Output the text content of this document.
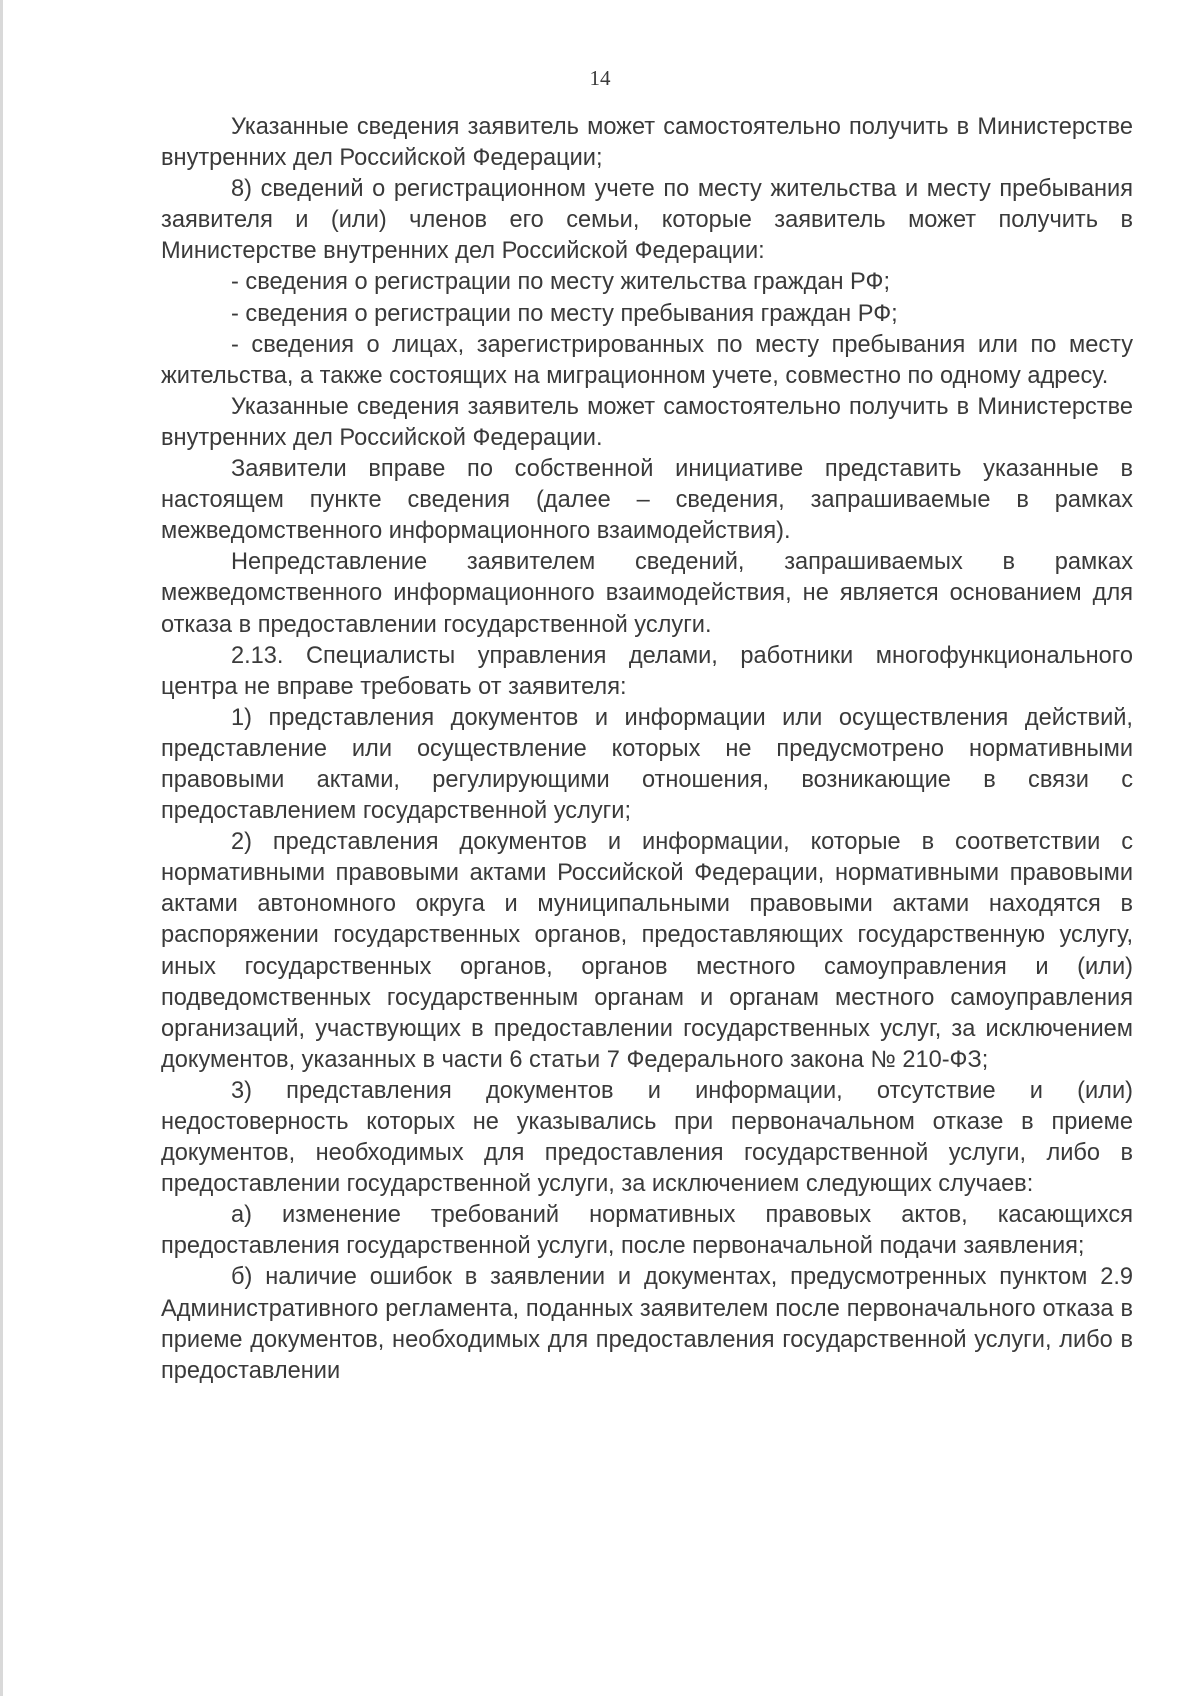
14

Указанные сведения заявитель может самостоятельно получить в Министерстве внутренних дел Российской Федерации;

8) сведений о регистрационном учете по месту жительства и месту пребывания заявителя и (или) членов его семьи, которые заявитель может получить в Министерстве внутренних дел Российской Федерации:

- сведения о регистрации по месту жительства граждан РФ;

- сведения о регистрации по месту пребывания граждан РФ;

- сведения о лицах, зарегистрированных по месту пребывания или по месту жительства, а также состоящих на миграционном учете, совместно по одному адресу.

Указанные сведения заявитель может самостоятельно получить в Министерстве внутренних дел Российской Федерации.

Заявители вправе по собственной инициативе представить указанные в настоящем пункте сведения (далее – сведения, запрашиваемые в рамках межведомственного информационного взаимодействия).

Непредставление заявителем сведений, запрашиваемых в рамках межведомственного информационного взаимодействия, не является основанием для отказа в предоставлении государственной услуги.

2.13. Специалисты управления делами, работники многофункционального центра не вправе требовать от заявителя:

1) представления документов и информации или осуществления действий, представление или осуществление которых не предусмотрено нормативными правовыми актами, регулирующими отношения, возникающие в связи с предоставлением государственной услуги;

2) представления документов и информации, которые в соответствии с нормативными правовыми актами Российской Федерации, нормативными правовыми актами автономного округа и муниципальными правовыми актами находятся в распоряжении государственных органов, предоставляющих государственную услугу, иных государственных органов, органов местного самоуправления и (или) подведомственных государственным органам и органам местного самоуправления организаций, участвующих в предоставлении государственных услуг, за исключением документов, указанных в части 6 статьи 7 Федерального закона № 210-ФЗ;

3) представления документов и информации, отсутствие и (или) недостоверность которых не указывались при первоначальном отказе в приеме документов, необходимых для предоставления государственной услуги, либо в предоставлении государственной услуги, за исключением следующих случаев:

а) изменение требований нормативных правовых актов, касающихся предоставления государственной услуги, после первоначальной подачи заявления;

б) наличие ошибок в заявлении и документах, предусмотренных пунктом 2.9 Административного регламента, поданных заявителем после первоначального отказа в приеме документов, необходимых для предоставления государственной услуги, либо в предоставлении
